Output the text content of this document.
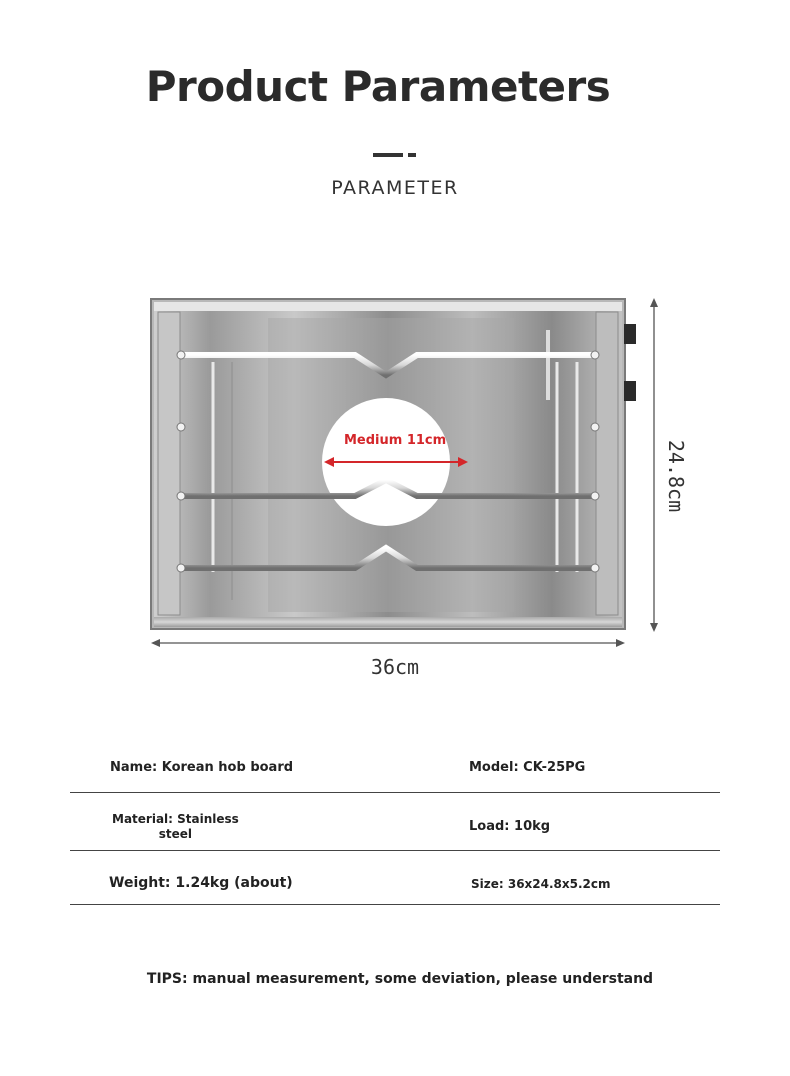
Product Parameters
PARAMETER
Medium 11cm
36cm
24.8cm
Name: Korean hob board	Model: CK-25PG
Material: Stainless
steel	Load: 10kg
Weight: 1.24kg (about)	Size: 36x24.8x5.2cm
TIPS: manual measurement, some deviation, please understand
